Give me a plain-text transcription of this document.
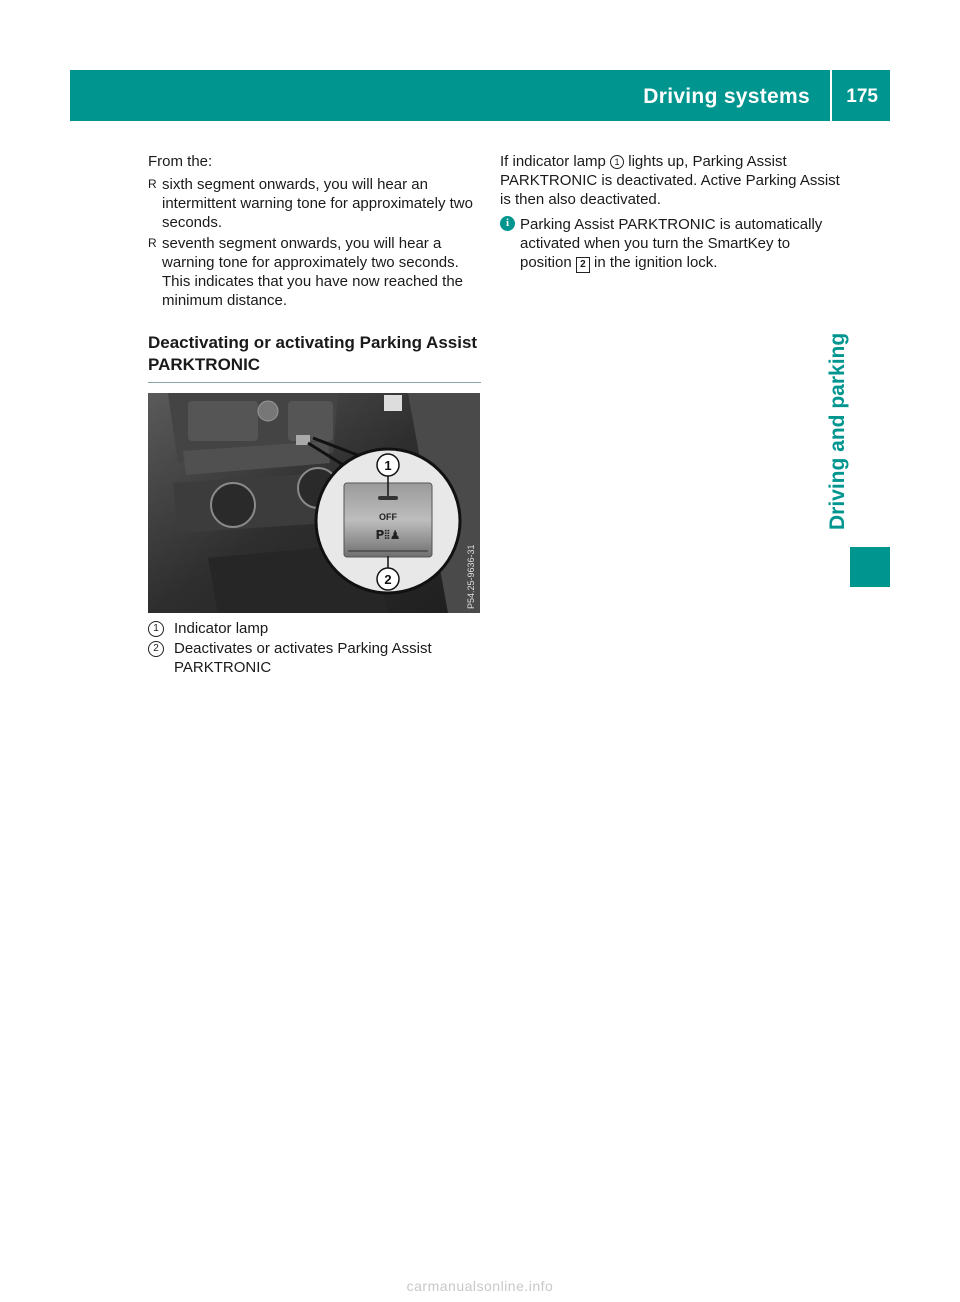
Driving systems 175
Driving and parking

From the:

R sixth segment onwards, you will hear an intermittent warning tone for approximately two seconds.
R seventh segment onwards, you will hear a warning tone for approximately two seconds. This indicates that you have now reached the minimum distance.
Deactivating or activating Parking Assist PARKTRONIC
OFF
P⦙⦙♟
1
2	P54.25-9636-31
1	Indicator lamp
2	Deactivates or activates Parking Assist PARKTRONIC

If indicator lamp 1 lights up, Parking Assist PARKTRONIC is deactivated. Active Parking Assist is then also deactivated.

i Parking Assist PARKTRONIC is automatically activated when you turn the SmartKey to position 2 in the ignition lock.
carmanualsonline.info
